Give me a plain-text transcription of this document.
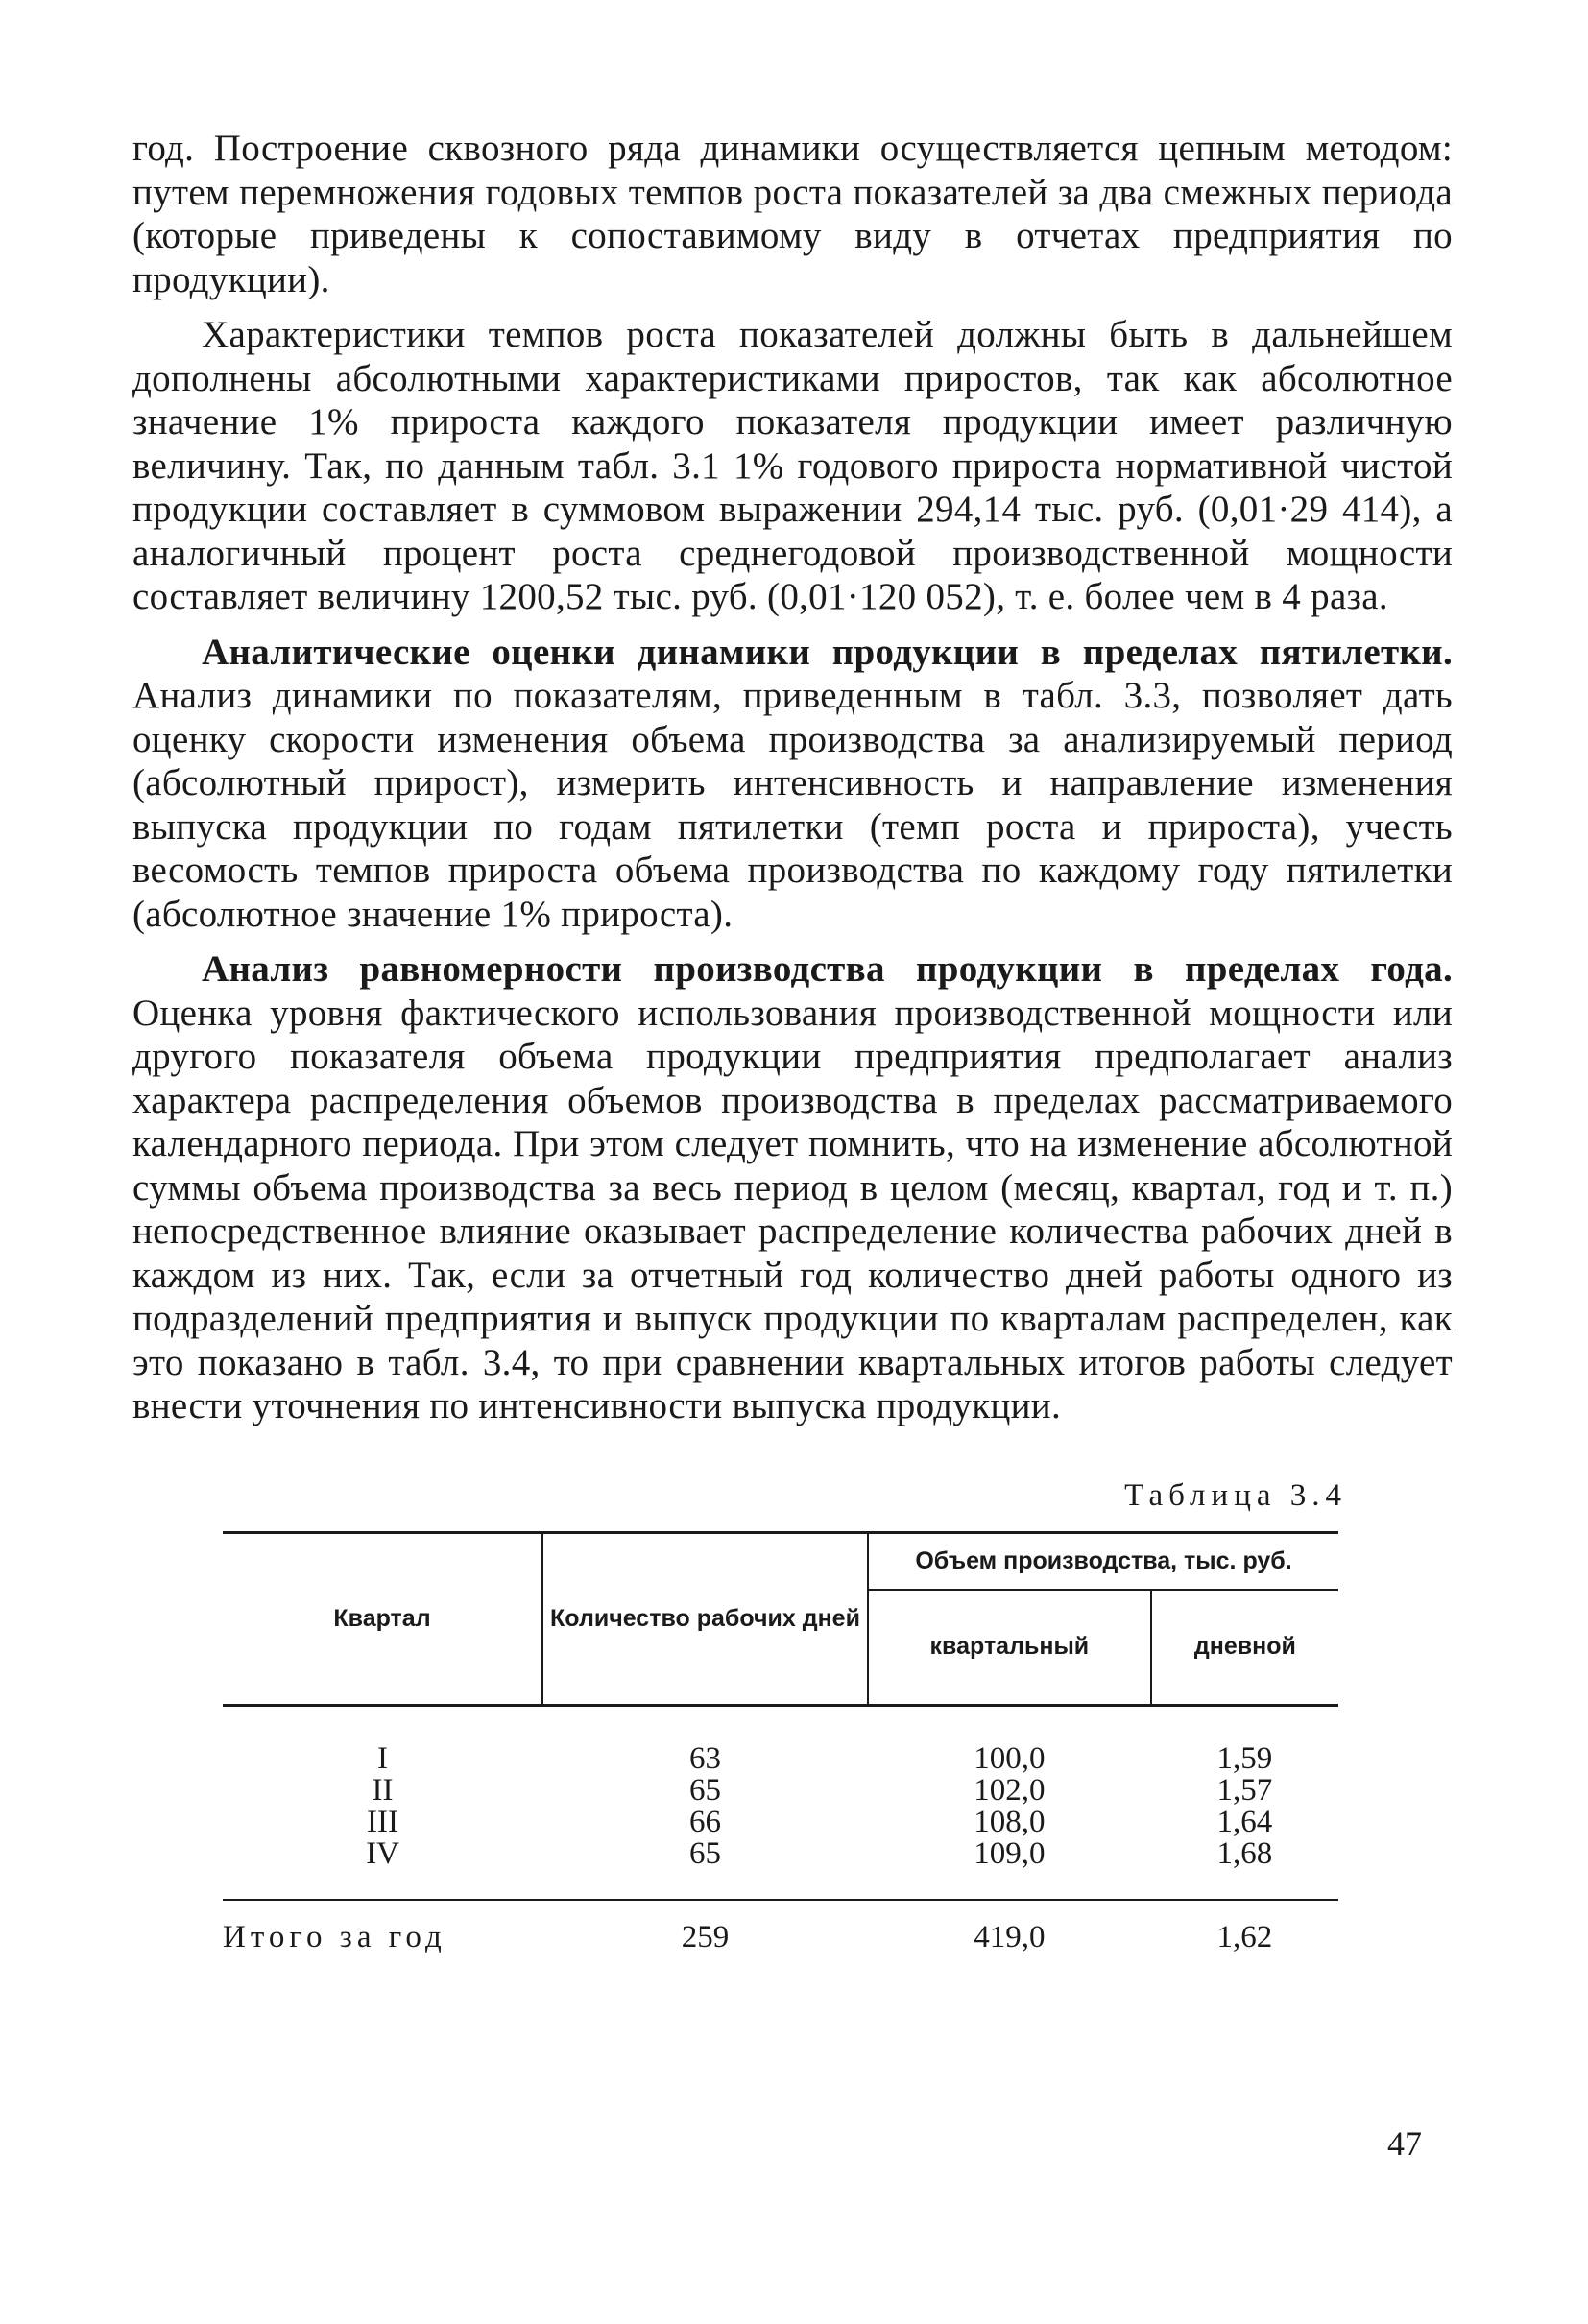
год. Построение сквозного ряда динамики осуществляется цепным методом: путем перемножения годовых темпов роста показателей за два смежных периода (которые приведены к сопоставимому виду в отчетах предприятия по продукции).

Характеристики темпов роста показателей должны быть в дальнейшем дополнены абсолютными характеристиками приростов, так как абсолютное значение 1% прироста каждого показателя продукции имеет различную величину. Так, по данным табл. 3.1 1% годового прироста нормативной чистой продукции составляет в суммовом выражении 294,14 тыс. руб. (0,01·29 414), а аналогичный процент роста среднегодовой производственной мощности составляет величину 1200,52 тыс. руб. (0,01·120 052), т. е. более чем в 4 раза.

Аналитические оценки динамики продукции в пределах пятилетки. Анализ динамики по показателям, приведенным в табл. 3.3, позволяет дать оценку скорости изменения объема производства за анализируемый период (абсолютный прирост), измерить интенсивность и направление изменения выпуска продукции по годам пятилетки (темп роста и прироста), учесть весомость темпов прироста объема производства по каждому году пятилетки (абсолютное значение 1% прироста).

Анализ равномерности производства продукции в пределах года. Оценка уровня фактического использования производственной мощности или другого показателя объема продукции предприятия предполагает анализ характера распределения объемов производства в пределах рассматриваемого календарного периода. При этом следует помнить, что на изменение абсолютной суммы объема производства за весь период в целом (месяц, квартал, год и т. п.) непосредственное влияние оказывает распределение количества рабочих дней в каждом из них. Так, если за отчетный год количество дней работы одного из подразделений предприятия и выпуск продукции по кварталам распределен, как это показано в табл. 3.4, то при сравнении квартальных итогов работы следует внести уточнения по интенсивности выпуска продукции.

Таблица 3.4
Квартал	Количество рабочих дней	Объем производства, тыс. руб.	
		квартальный	дневной
I	63	100,0	1,59
II	65	102,0	1,57
III	66	108,0	1,64
IV	65	109,0	1,68
Итого за год	259	419,0	1,62
47
